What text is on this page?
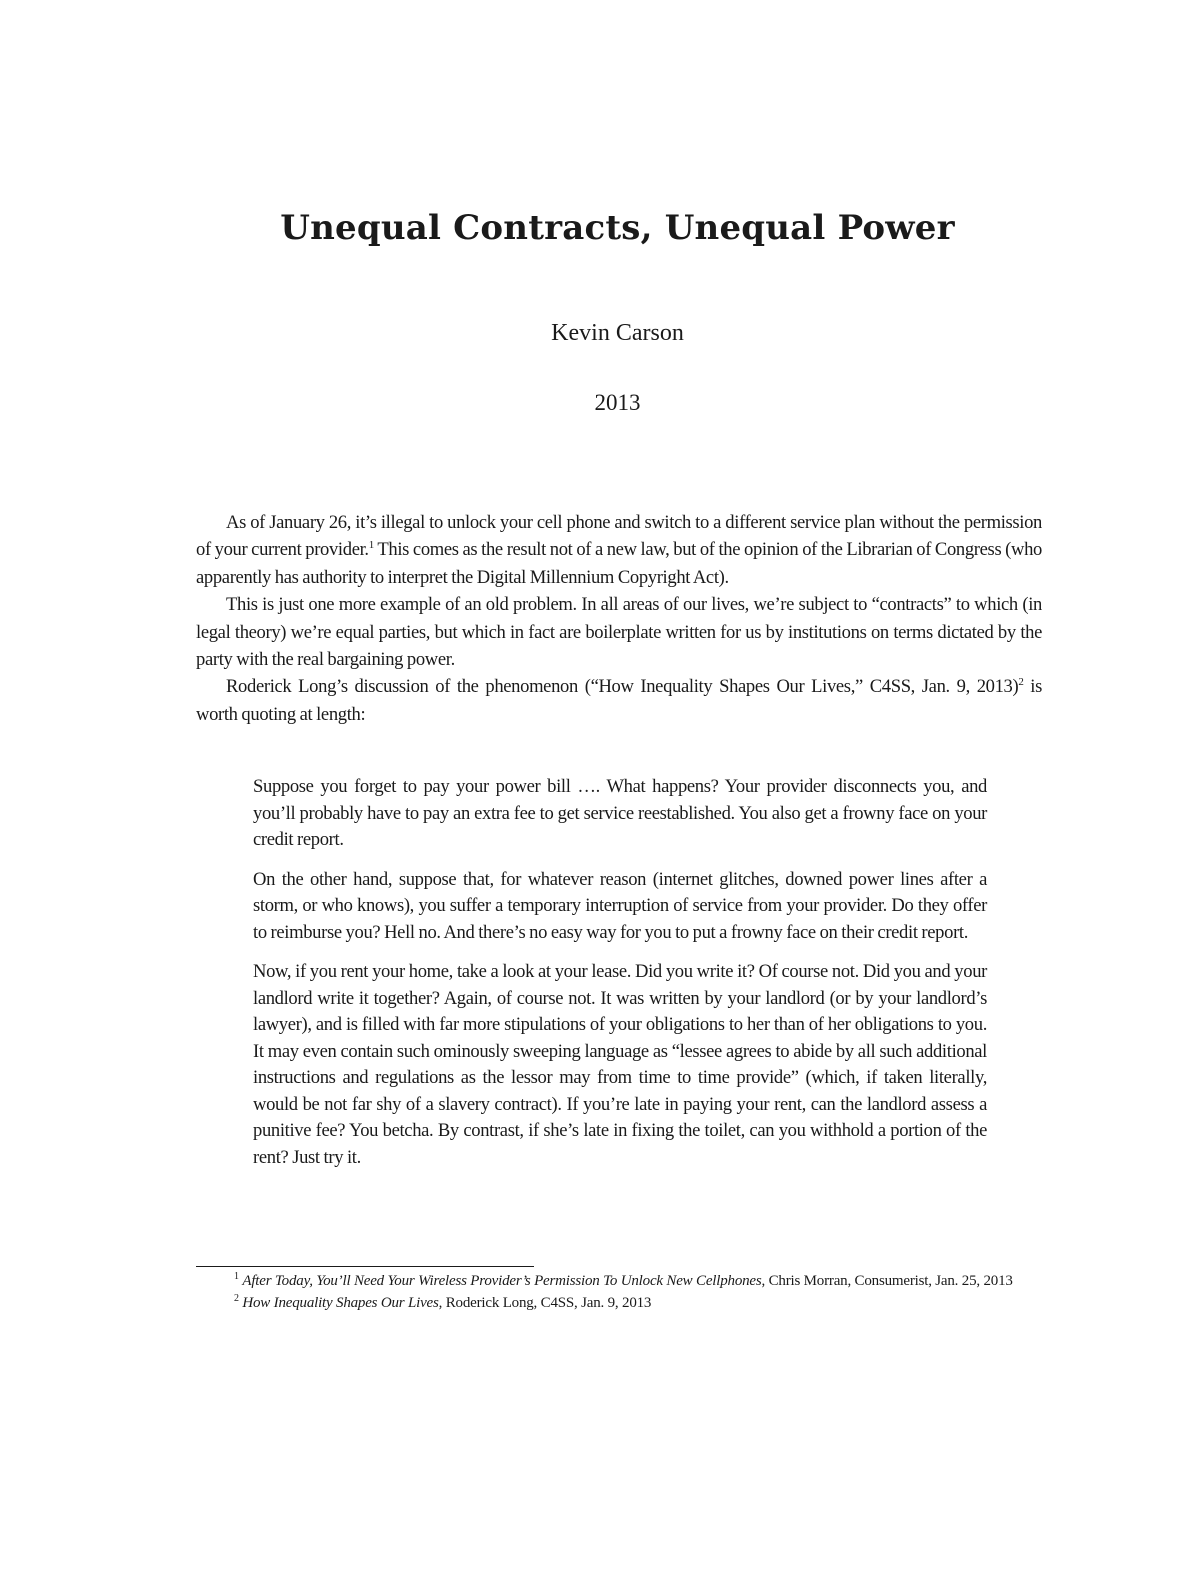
Unequal Contracts, Unequal Power
Kevin Carson
2013

As of January 26, it’s illegal to unlock your cell phone and switch to a different service plan without the permission of your current provider.$^1$ This comes as the result not of a new law, but of the opinion of the Librarian of Congress (who apparently has authority to interpret the Digital Millennium Copyright Act).

This is just one more example of an old problem. In all areas of our lives, we’re subject to “contracts” to which (in legal theory) we’re equal parties, but which in fact are boilerplate written for us by institutions on terms dictated by the party with the real bargaining power.

Roderick Long’s discussion of the phenomenon (“How Inequality Shapes Our Lives,” C4SS, Jan. 9, 2013)$^2$ is worth quoting at length:

Suppose you forget to pay your power bill …. What happens? Your provider disconnects you, and you’ll probably have to pay an extra fee to get service reestablished. You also get a frowny face on your credit report.

On the other hand, suppose that, for whatever reason (internet glitches, downed power lines after a storm, or who knows), you suffer a temporary interruption of service from your provider. Do they offer to reimburse you? Hell no. And there’s no easy way for you to put a frowny face on their credit report.

Now, if you rent your home, take a look at your lease. Did you write it? Of course not. Did you and your landlord write it together? Again, of course not. It was written by your landlord (or by your landlord’s lawyer), and is filled with far more stipulations of your obligations to her than of her obligations to you. It may even contain such ominously sweeping language as “lessee agrees to abide by all such additional instructions and regulations as the lessor may from time to time provide” (which, if taken literally, would be not far shy of a slavery contract). If you’re late in paying your rent, can the landlord assess a punitive fee? You betcha. By contrast, if she’s late in fixing the toilet, can you withhold a portion of the rent? Just try it.

$^1$ After Today, You’ll Need Your Wireless Provider’s Permission To Unlock New Cellphones, Chris Morran, Consumerist, Jan. 25, 2013

$^2$ How Inequality Shapes Our Lives, Roderick Long, C4SS, Jan. 9, 2013
